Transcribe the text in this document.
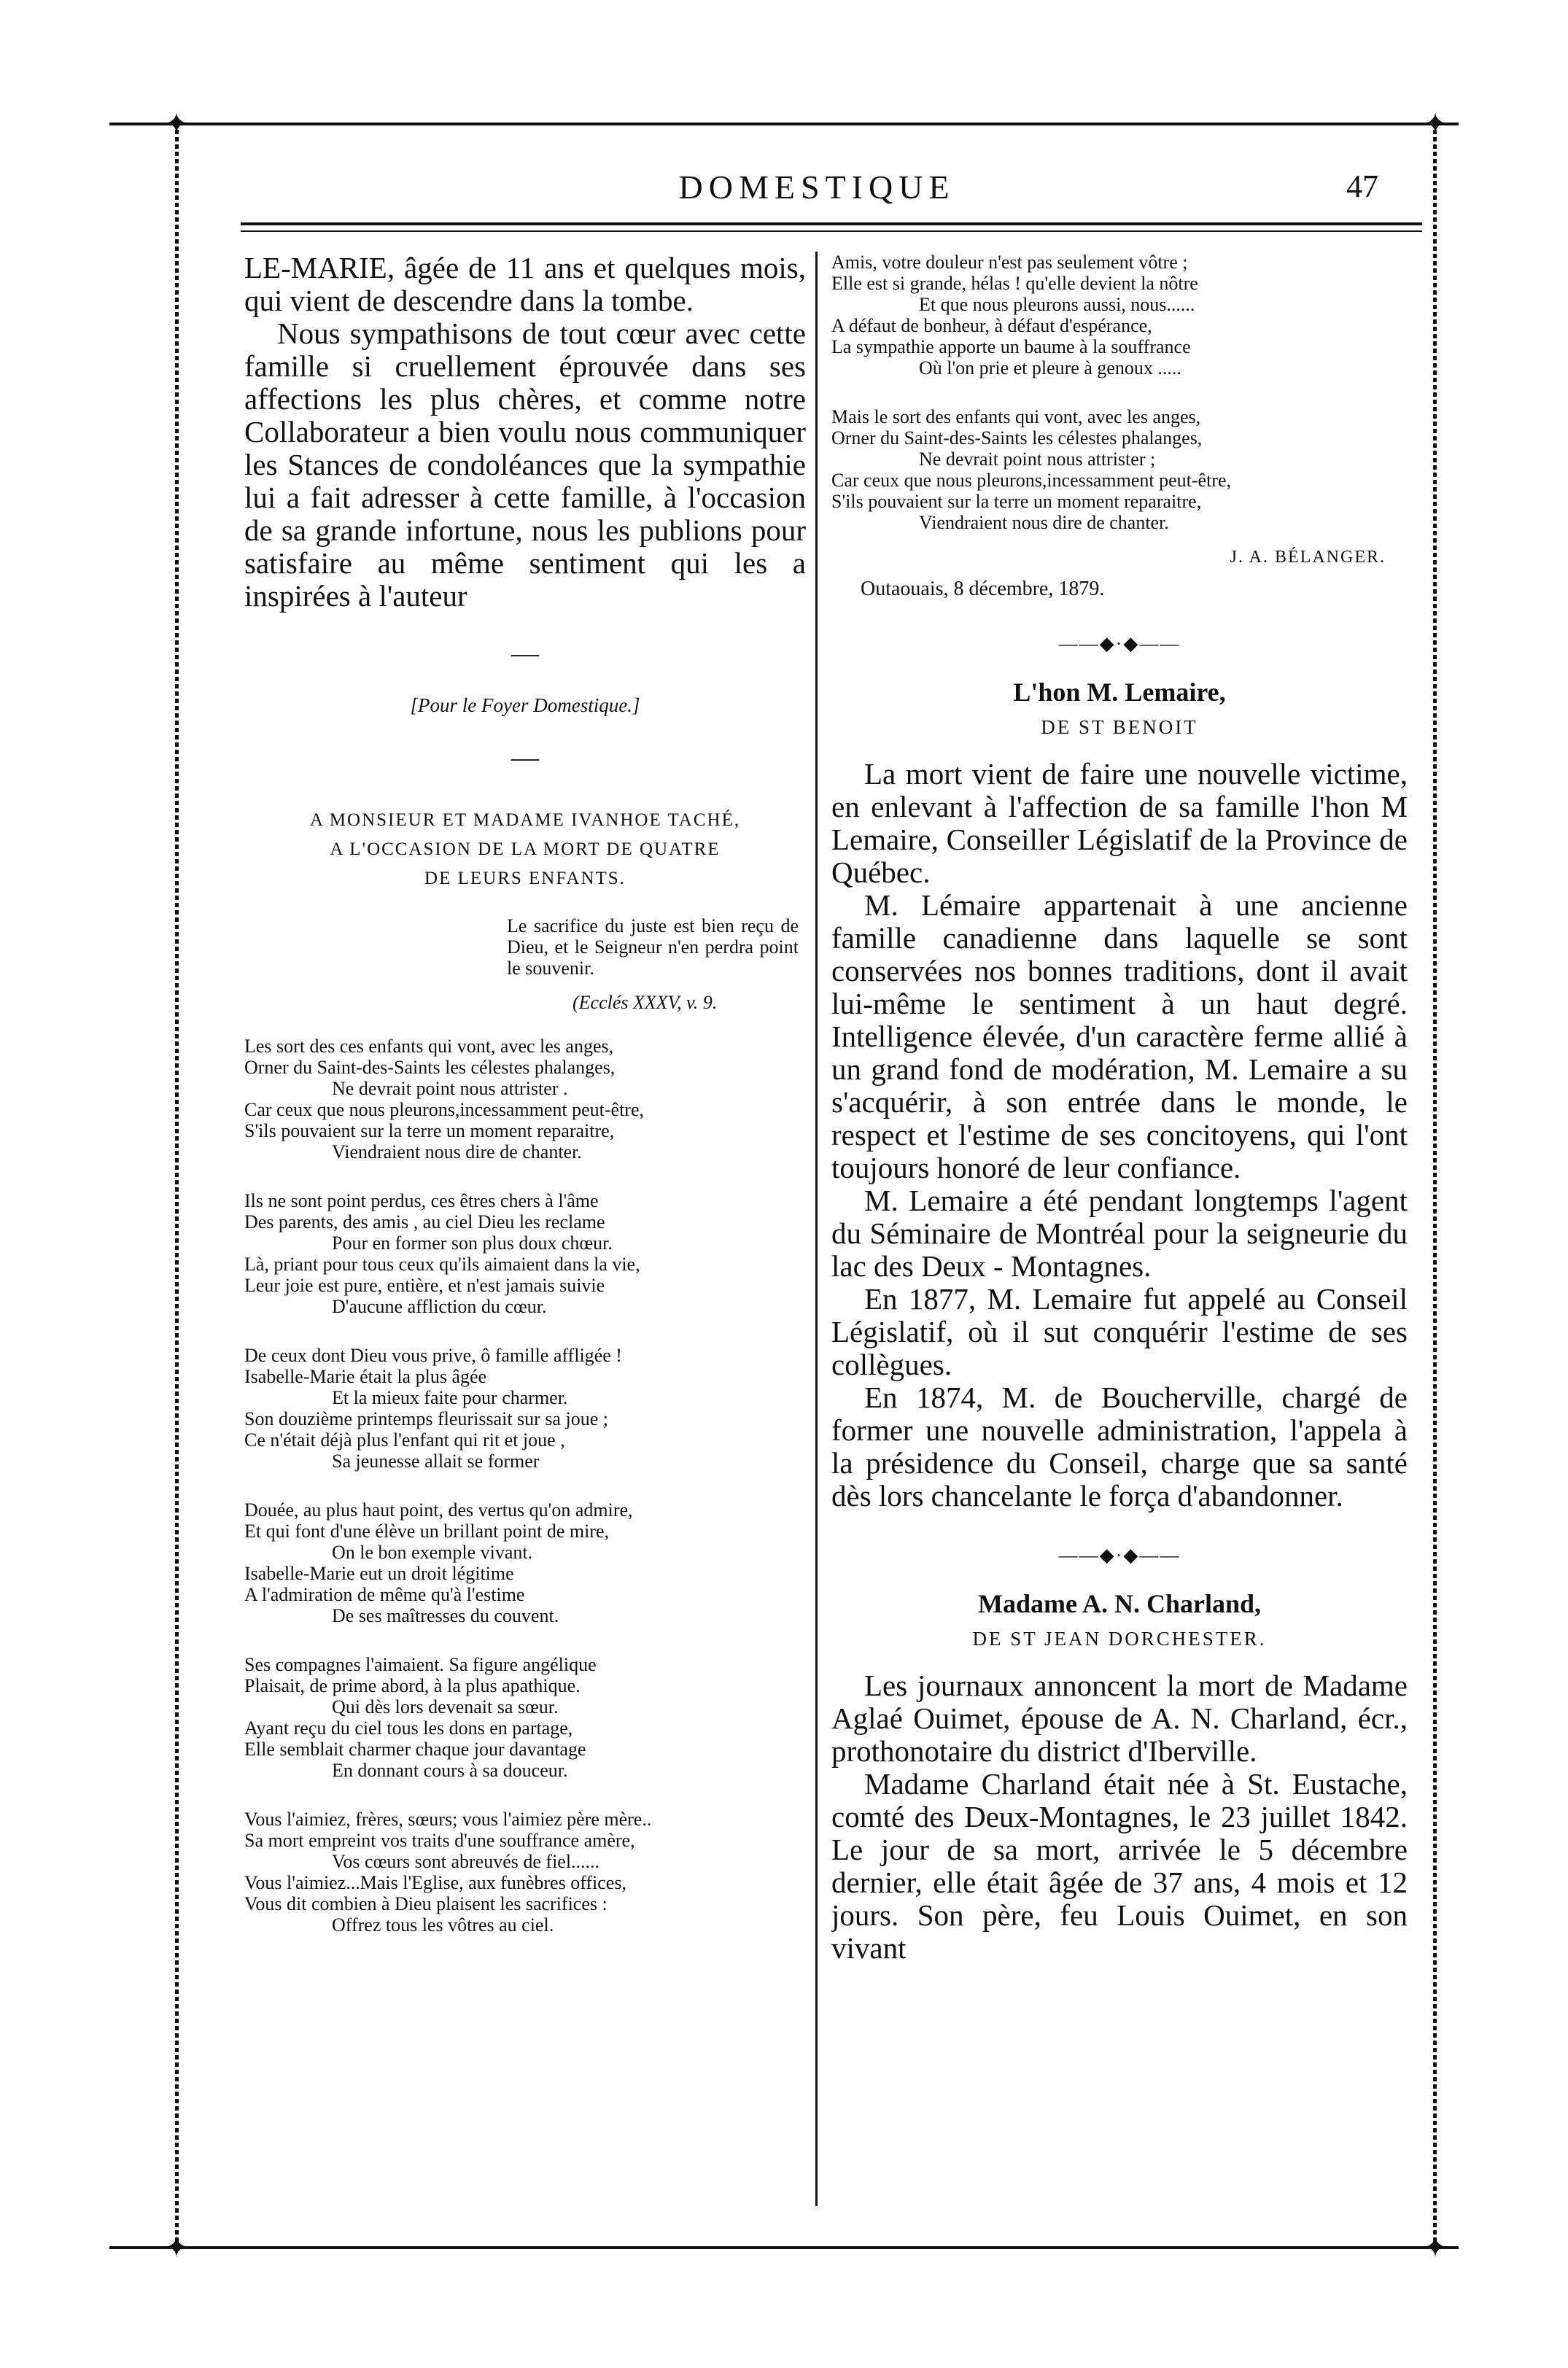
✦	✦
✦	✦
DOMESTIQUE	47

LE-MARIE, âgée de 11 ans et quelques mois, qui vient de descendre dans la tombe.

Nous sympathisons de tout cœur avec cette famille si cruellement éprouvée dans ses affections les plus chères, et comme notre Collaborateur a bien voulu nous communiquer les Stances de condoléances que la sympathie lui a fait adresser à cette famille, à l'occasion de sa grande infortune, nous les publions pour satisfaire au même sentiment qui les a inspirées à l'auteur

—

[Pour le Foyer Domestique.]

—
A MONSIEUR ET MADAME IVANHOE TACHÉ,
A L'OCCASION DE LA MORT DE QUATRE
DE LEURS ENFANTS.

Le sacrifice du juste est bien reçu de Dieu, et le Seigneur n'en perdra point le souvenir.

(Ecclés XXXV, v. 9.

Les sort des ces enfants qui vont, avec les anges,

Orner du Saint-des-Saints les célestes phalanges,

Ne devrait point nous attrister .

Car ceux que nous pleurons,incessamment peut-être,

S'ils pouvaient sur la terre un moment reparaitre,

Viendraient nous dire de chanter.

Ils ne sont point perdus, ces êtres chers à l'âme

Des parents, des amis , au ciel Dieu les reclame

Pour en former son plus doux chœur.

Là, priant pour tous ceux qu'ils aimaient dans la vie,

Leur joie est pure, entière, et n'est jamais suivie

D'aucune affliction du cœur.

De ceux dont Dieu vous prive, ô famille affligée !

Isabelle-Marie était la plus âgée

Et la mieux faite pour charmer.

Son douzième printemps fleurissait sur sa joue ;

Ce n'était déjà plus l'enfant qui rit et joue ,

Sa jeunesse allait se former

Douée, au plus haut point, des vertus qu'on admire,

Et qui font d'une élève un brillant point de mire,

On le bon exemple vivant.

Isabelle-Marie eut un droit légitime

A l'admiration de même qu'à l'estime

De ses maîtresses du couvent.

Ses compagnes l'aimaient. Sa figure angélique

Plaisait, de prime abord, à la plus apathique.

Qui dès lors devenait sa sœur.

Ayant reçu du ciel tous les dons en partage,

Elle semblait charmer chaque jour davantage

En donnant cours à sa douceur.

Vous l'aimiez, frères, sœurs; vous l'aimiez père mère..

Sa mort empreint vos traits d'une souffrance amère,

Vos cœurs sont abreuvés de fiel......

Vous l'aimiez...Mais l'Eglise, aux funèbres offices,

Vous dit combien à Dieu plaisent les sacrifices :

Offrez tous les vôtres au ciel.

Amis, votre douleur n'est pas seulement vôtre ;

Elle est si grande, hélas ! qu'elle devient la nôtre

Et que nous pleurons aussi, nous......

A défaut de bonheur, à défaut d'espérance,

La sympathie apporte un baume à la souffrance

Où l'on prie et pleure à genoux .....

Mais le sort des enfants qui vont, avec les anges,

Orner du Saint-des-Saints les célestes phalanges,

Ne devrait point nous attrister ;

Car ceux que nous pleurons,incessamment peut-être,

S'ils pouvaient sur la terre un moment reparaitre,

Viendraient nous dire de chanter.

J. A. BÉLANGER.
Outaouais, 8 décembre, 1879.
——◆·◆——

L'hon M. Lemaire,

DE ST BENOIT

La mort vient de faire une nouvelle victime, en enlevant à l'affection de sa famille l'hon M Lemaire, Conseiller Législatif de la Province de Québec.

M. Lémaire appartenait à une ancienne famille canadienne dans laquelle se sont conservées nos bonnes traditions, dont il avait lui-même le sentiment à un haut degré. Intelligence élevée, d'un caractère ferme allié à un grand fond de modération, M. Lemaire a su s'acquérir, à son entrée dans le monde, le respect et l'estime de ses concitoyens, qui l'ont toujours honoré de leur confiance.

M. Lemaire a été pendant longtemps l'agent du Séminaire de Montréal pour la seigneurie du lac des Deux - Montagnes.

En 1877, M. Lemaire fut appelé au Conseil Législatif, où il sut conquérir l'estime de ses collègues.

En 1874, M. de Boucherville, chargé de former une nouvelle administration, l'appela à la présidence du Conseil, charge que sa santé dès lors chancelante le força d'abandonner.

——◆·◆——

Madame A. N. Charland,

DE ST JEAN DORCHESTER.

Les journaux annoncent la mort de Madame Aglaé Ouimet, épouse de A. N. Charland, écr., prothonotaire du district d'Iberville.

Madame Charland était née à St. Eustache, comté des Deux-Montagnes, le 23 juillet 1842. Le jour de sa mort, arrivée le 5 décembre dernier, elle était âgée de 37 ans, 4 mois et 12 jours. Son père, feu Louis Ouimet, en son vivant
